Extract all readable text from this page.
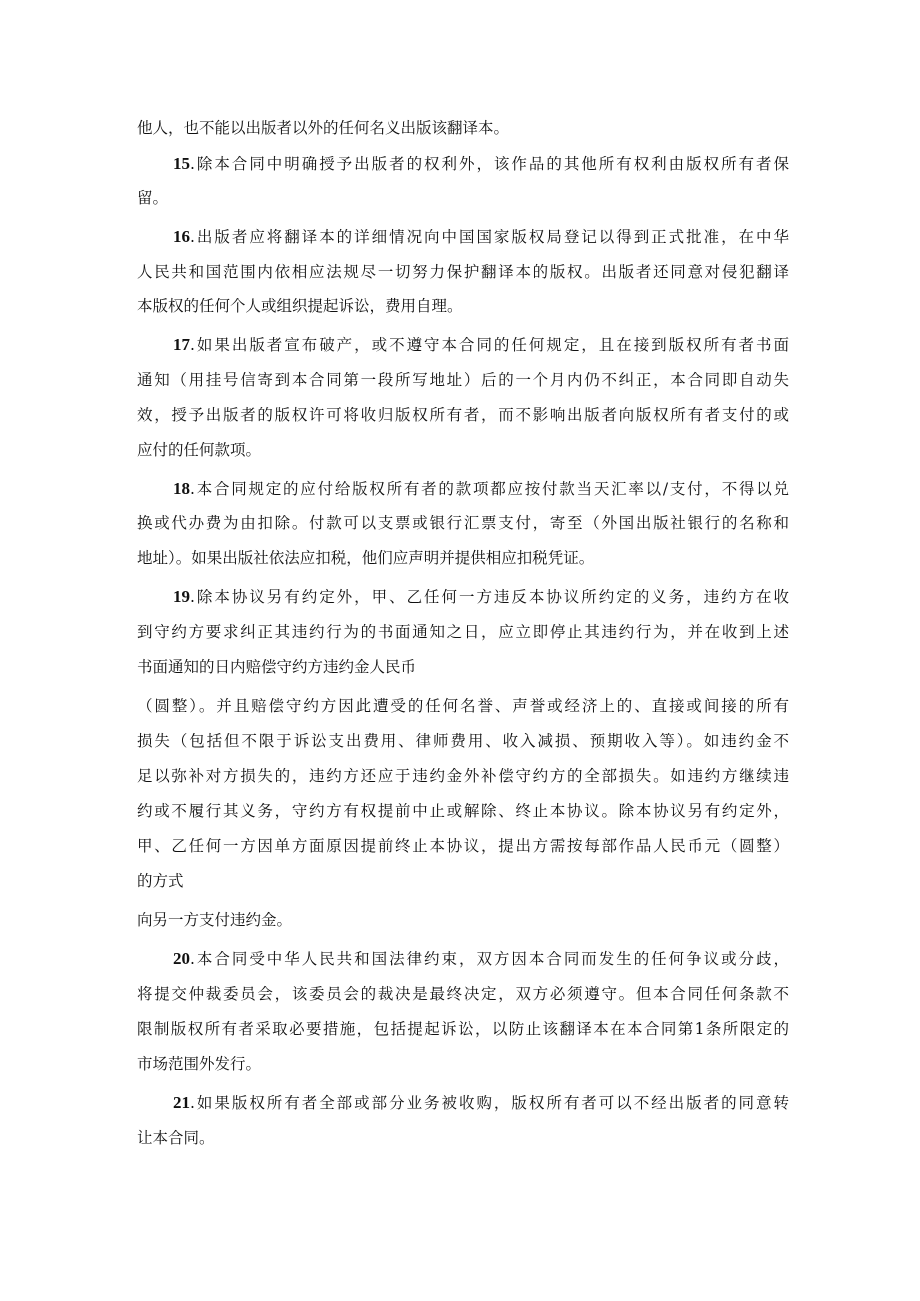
他人，也不能以出版者以外的任何名义出版该翻译本。
15.除本合同中明确授予出版者的权利外，该作品的其他所有权利由版权所有者保
留。
16.出版者应将翻译本的详细情况向中国国家版权局登记以得到正式批准，在中华
人民共和国范围内依相应法规尽一切努力保护翻译本的版权。出版者还同意对侵犯翻译
本版权的任何个人或组织提起诉讼，费用自理。
17.如果出版者宣布破产，或不遵守本合同的任何规定，且在接到版权所有者书面
通知（用挂号信寄到本合同第一段所写地址）后的一个月内仍不纠正，本合同即自动失
效，授予出版者的版权许可将收归版权所有者，而不影响出版者向版权所有者支付的或
应付的任何款项。
18.本合同规定的应付给版权所有者的款项都应按付款当天汇率以/支付，不得以兑
换或代办费为由扣除。付款可以支票或银行汇票支付，寄至（外国出版社银行的名称和
地址）。如果出版社依法应扣税，他们应声明并提供相应扣税凭证。
19.除本协议另有约定外，甲、乙任何一方违反本协议所约定的义务，违约方在收
到守约方要求纠正其违约行为的书面通知之日，应立即停止其违约行为，并在收到上述
书面通知的日内赔偿守约方违约金人民币
（圆整）。并且赔偿守约方因此遭受的任何名誉、声誉或经济上的、直接或间接的所有
损失（包括但不限于诉讼支出费用、律师费用、收入减损、预期收入等）。如违约金不
足以弥补对方损失的，违约方还应于违约金外补偿守约方的全部损失。如违约方继续违
约或不履行其义务，守约方有权提前中止或解除、终止本协议。除本协议另有约定外，
甲、乙任何一方因单方面原因提前终止本协议，提出方需按每部作品人民币元（圆整）
的方式
向另一方支付违约金。
20.本合同受中华人民共和国法律约束，双方因本合同而发生的任何争议或分歧，
将提交仲裁委员会，该委员会的裁决是最终决定，双方必须遵守。但本合同任何条款不
限制版权所有者采取必要措施，包括提起诉讼，以防止该翻译本在本合同第1条所限定的
市场范围外发行。
21.如果版权所有者全部或部分业务被收购，版权所有者可以不经出版者的同意转
让本合同。
